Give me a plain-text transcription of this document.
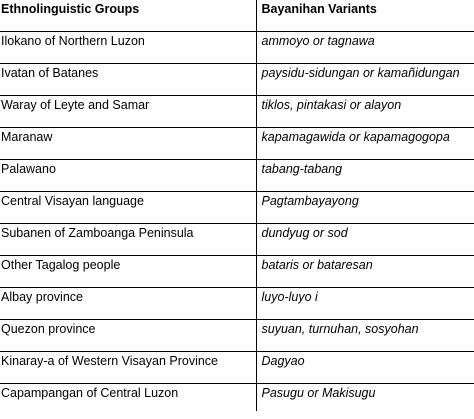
Ethnolinguistic Groups	Bayanihan Variants
Ilokano of Northern Luzon	ammoyo or tagnawa
Ivatan of Batanes	paysidu-sidungan or kamañidungan
Waray of Leyte and Samar	tiklos, pintakasi or alayon
Maranaw	kapamagawida or kapamagogopa
Palawano	tabang-tabang
Central Visayan language	Pagtambayayong
Subanen of Zamboanga Peninsula	dundyug or sod
Other Tagalog people	bataris or bataresan
Albay province	luyo-luyo i
Quezon province	suyuan, turnuhan, sosyohan
Kinaray-a of Western Visayan Province	Dagyao
Capampangan of Central Luzon	Pasugu or Makisugu
